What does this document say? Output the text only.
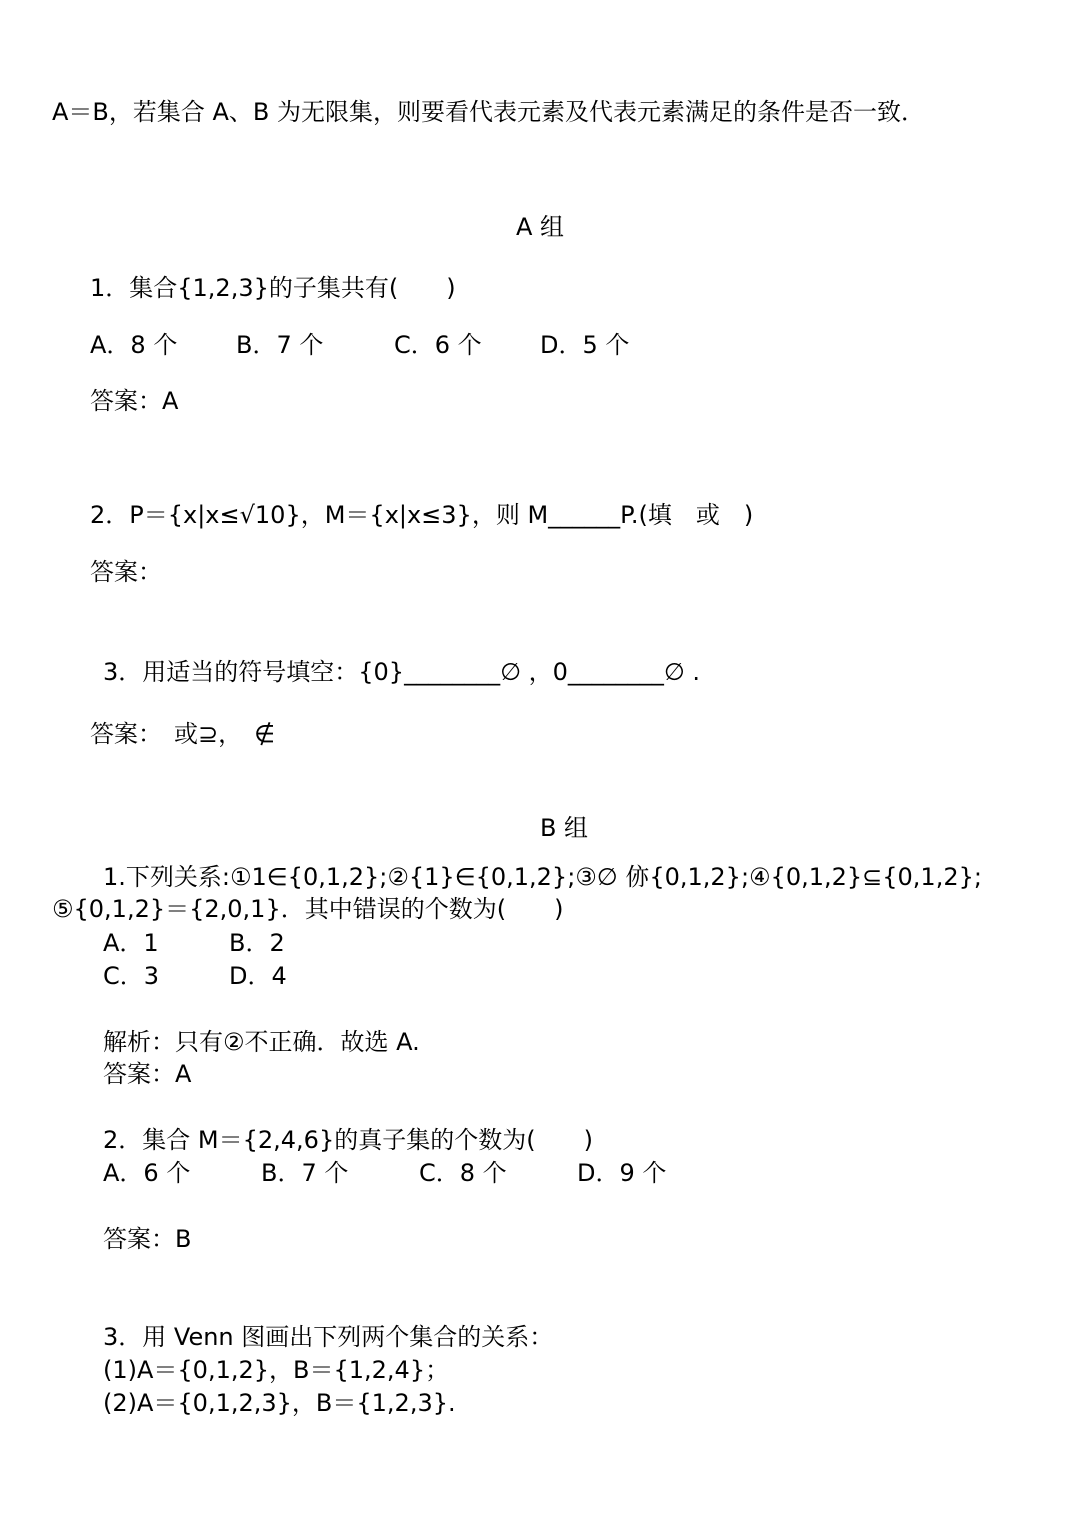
A＝B，若集合 A、B 为无限集，则要看代表元素及代表元素满足的条件是否一致．
A 组
1．集合{1,2,3}的子集共有(　　)
A．8 个 B．7 个	C．6 个 D．5 个
答案：A
2．P＝{x|x≤√10}，M＝{x|x≤3}，则 M______P.(填　或　)
答案：
3．用适当的符号填空：{0}________∅ ，0________∅ .
答案：　或⊇，　∉
B 组
1.下列关系:①1∈{0,1,2};②{1}∈{0,1,2};③∅ 㑊{0,1,2};④{0,1,2}⊆{0,1,2};
⑤{0,1,2}＝{2,0,1}．其中错误的个数为(　　)
A．1	B．2
C．3	D．4
解析：只有②不正确．故选 A.
答案：A
2．集合 M＝{2,4,6}的真子集的个数为(　　)
A．6 个	B．7 个	C．8 个	D．9 个
答案：B
3．用 Venn 图画出下列两个集合的关系：
(1)A＝{0,1,2}，B＝{1,2,4}；
(2)A＝{0,1,2,3}，B＝{1,2,3}.
